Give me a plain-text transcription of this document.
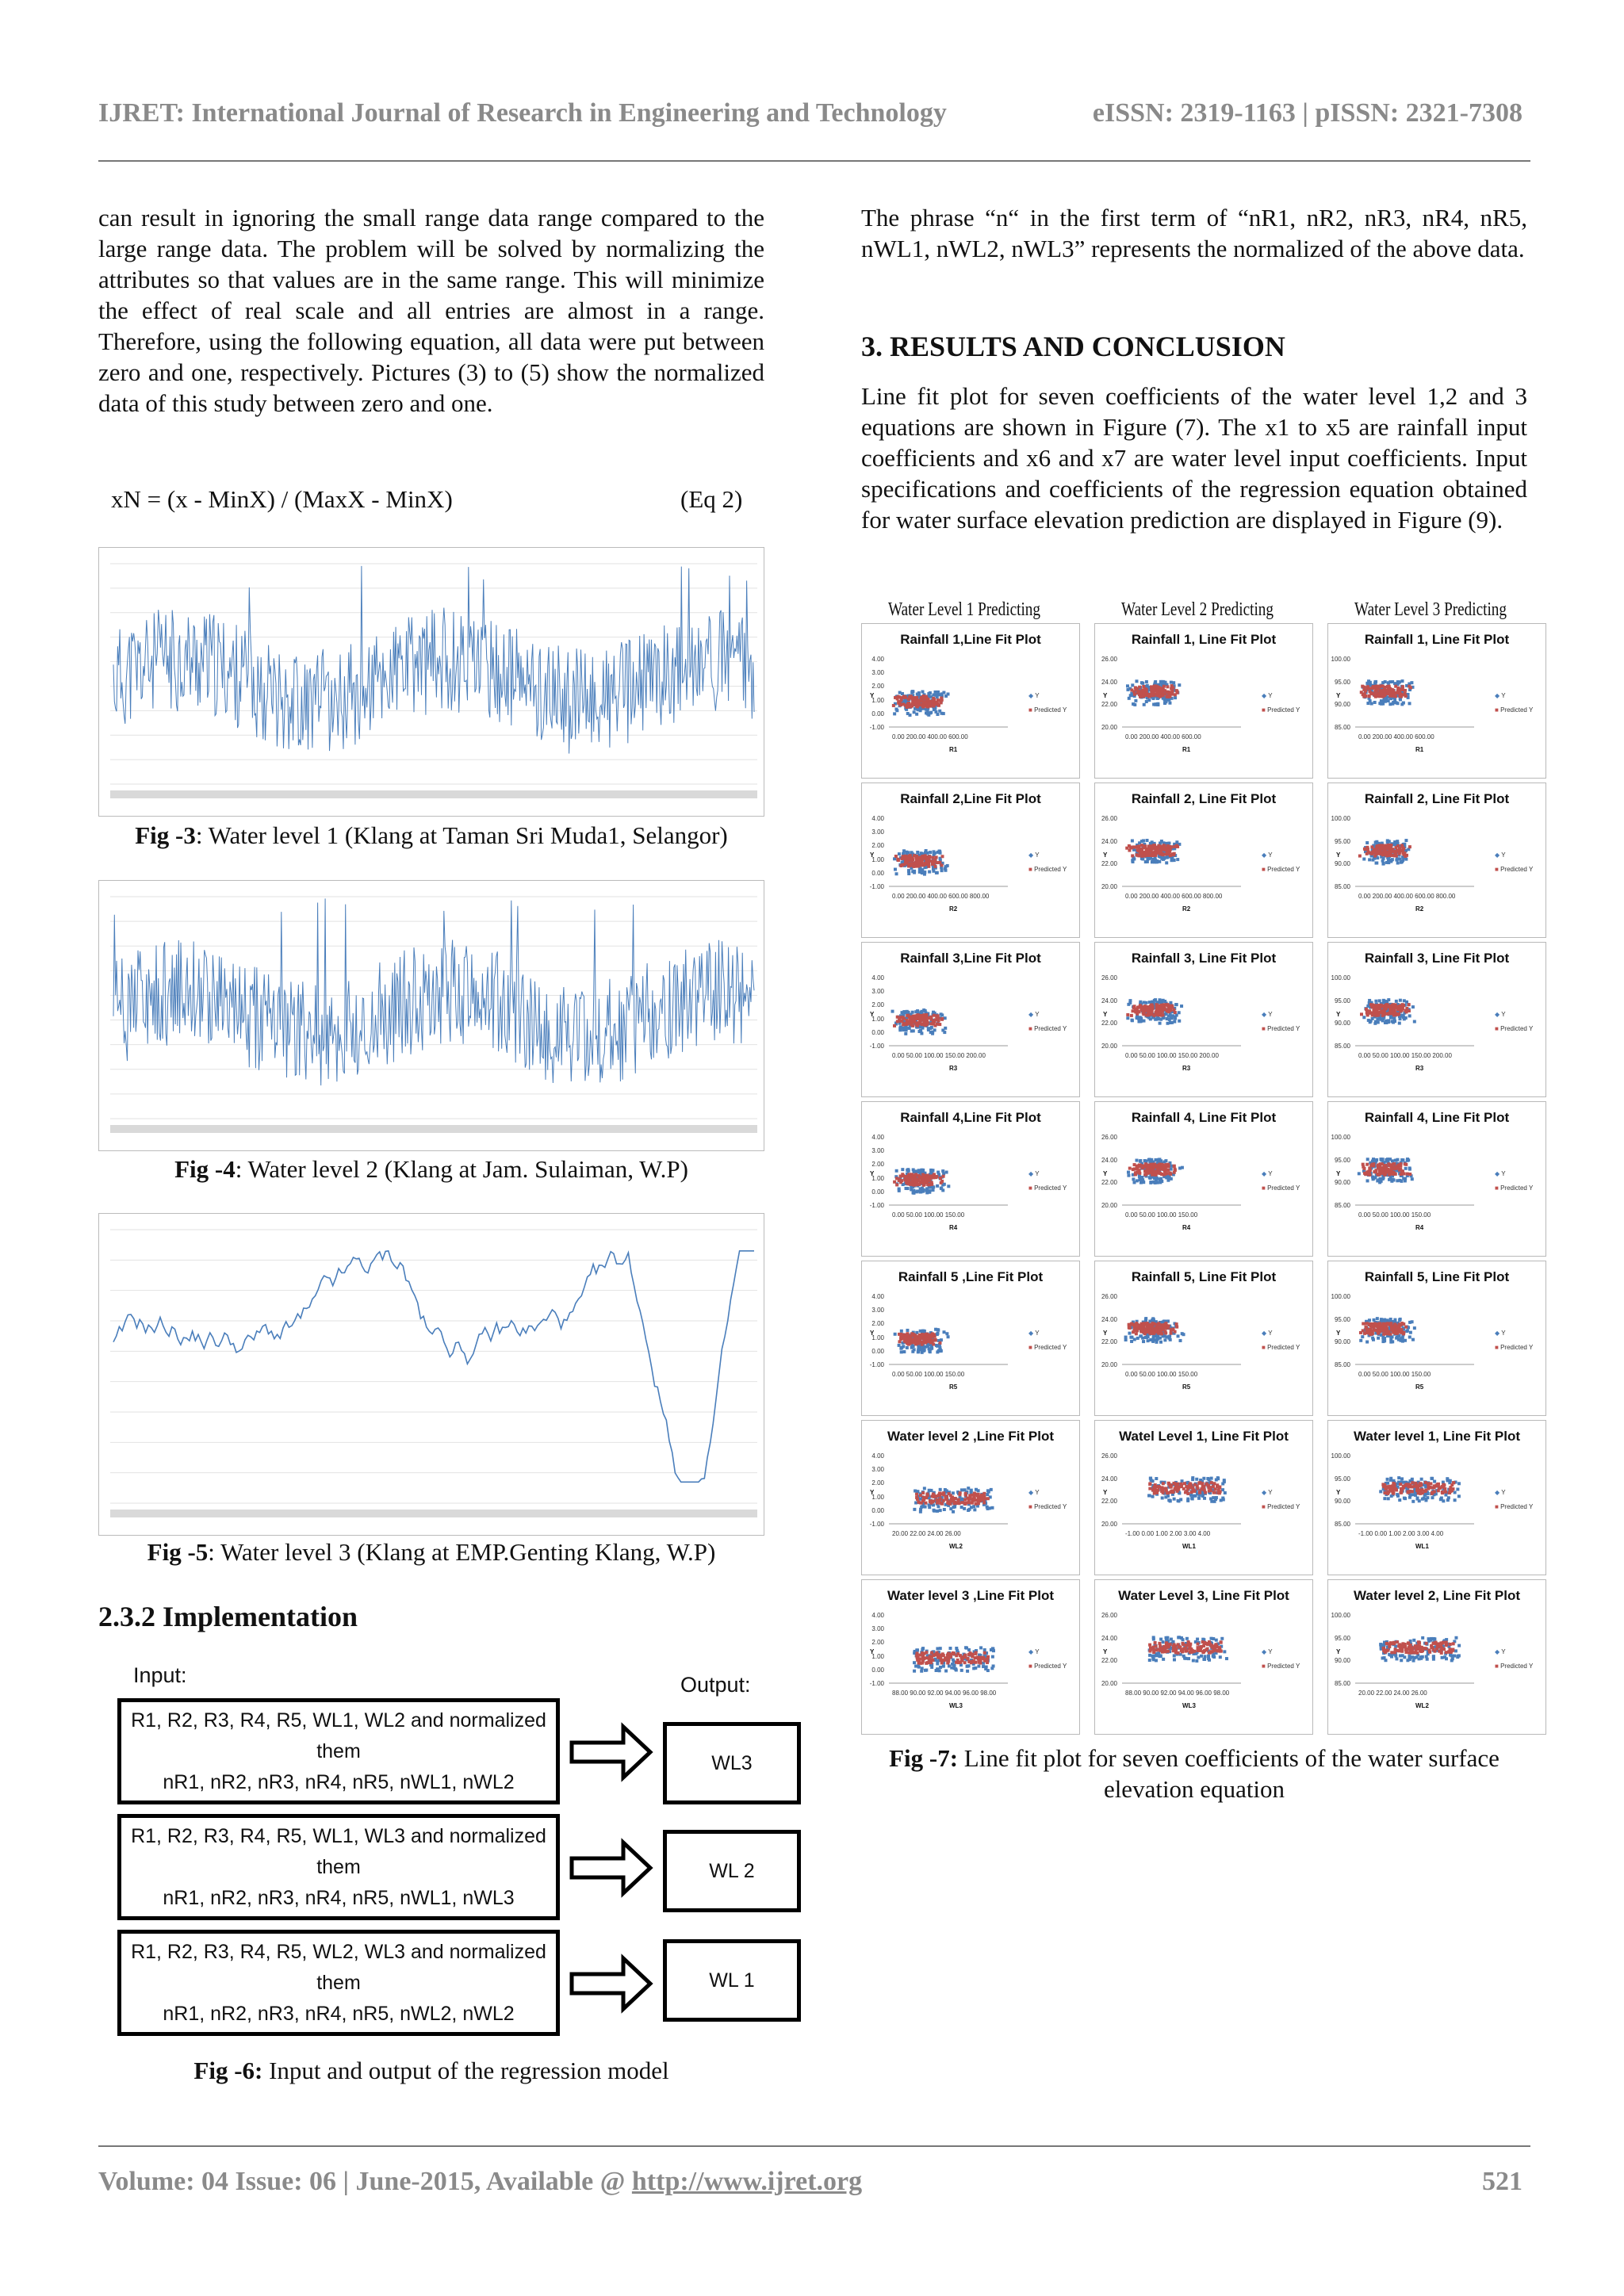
IJRET: International Journal of Research in Engineering and Technology	eISSN: 2319-1163 | pISSN: 2321-7308
can result in ignoring the small range data range compared to the large range data. The problem will be solved by normalizing the attributes so that values are in the same range. This will minimize the effect of real scale and all entries are almost in a range. Therefore, using the following equation, all data were put between zero and one, respectively. Pictures (3) to (5) show the normalized data of this study between zero and one.
xN = (x - MinX) / (MaxX - MinX)	(Eq 2)
Fig -3: Water level 1 (Klang at Taman Sri Muda1, Selangor)
Fig -4: Water level 2 (Klang at Jam. Sulaiman, W.P)
Fig -5: Water level 3 (Klang at EMP.Genting Klang, W.P)
2.3.2 Implementation
Input:	Output:
R1, R2, R3, R4, R5, WL1, WL2 and normalized them
nR1, nR2, nR3, nR4, nR5, nWL1, nWL2
R1, R2, R3, R4, R5, WL1, WL3 and normalized them
nR1, nR2, nR3, nR4, nR5, nWL1, nWL3
R1, R2, R3, R4, R5, WL2, WL3 and normalized them
nR1, nR2, nR3, nR4, nR5, nWL2, nWL2
WL3
WL 2
WL 1
Fig -6: Input and output of the regression model
The phrase “n“ in the first term of “nR1, nR2, nR3, nR4, nR5, nWL1, nWL2, nWL3” represents the normalized of the above data.
3. RESULTS AND CONCLUSION
Line fit plot for seven coefficients of the water level 1,2 and 3 equations are shown in Figure (7). The x1 to x5 are rainfall input coefficients and x6 and x7 are water level input coefficients. Input specifications and coefficients of the regression equation obtained for water surface elevation prediction are displayed in Figure (9).
Water Level 1 Predicting	Water Level 2 Predicting	Water Level 3 Predicting
Rainfall 1,Line Fit Plot
4.00
3.00
2.00
1.00
0.00
-1.00
Y
0.00 200.00 400.00 600.00
R1
◆ Y
■ Predicted Y
Rainfall 1, Line Fit Plot
26.00
24.00
22.00
20.00
Y
0.00 200.00 400.00 600.00
R1
◆ Y
■ Predicted Y
Rainfall 1, Line Fit Plot
100.00
95.00
90.00
85.00
Y
0.00 200.00 400.00 600.00
R1
◆ Y
■ Predicted Y
Rainfall 2,Line Fit Plot
4.00
3.00
2.00
1.00
0.00
-1.00
Y
0.00 200.00 400.00 600.00 800.00
R2
◆ Y
■ Predicted Y
Rainfall 2, Line Fit Plot
26.00
24.00
22.00
20.00
Y
0.00 200.00 400.00 600.00 800.00
R2
◆ Y
■ Predicted Y
Rainfall 2, Line Fit Plot
100.00
95.00
90.00
85.00
Y
0.00 200.00 400.00 600.00 800.00
R2
◆ Y
■ Predicted Y
Rainfall 3,Line Fit Plot
4.00
3.00
2.00
1.00
0.00
-1.00
Y
0.00 50.00 100.00 150.00 200.00
R3
◆ Y
■ Predicted Y
Rainfall 3, Line Fit Plot
26.00
24.00
22.00
20.00
Y
0.00 50.00 100.00 150.00 200.00
R3
◆ Y
■ Predicted Y
Rainfall 3, Line Fit Plot
100.00
95.00
90.00
85.00
Y
0.00 50.00 100.00 150.00 200.00
R3
◆ Y
■ Predicted Y
Rainfall 4,Line Fit Plot
4.00
3.00
2.00
1.00
0.00
-1.00
Y
0.00 50.00 100.00 150.00
R4
◆ Y
■ Predicted Y
Rainfall 4, Line Fit Plot
26.00
24.00
22.00
20.00
Y
0.00 50.00 100.00 150.00
R4
◆ Y
■ Predicted Y
Rainfall 4, Line Fit Plot
100.00
95.00
90.00
85.00
Y
0.00 50.00 100.00 150.00
R4
◆ Y
■ Predicted Y
Rainfall 5 ,Line Fit Plot
4.00
3.00
2.00
1.00
0.00
-1.00
Y
0.00 50.00 100.00 150.00
R5
◆ Y
■ Predicted Y
Rainfall 5, Line Fit Plot
26.00
24.00
22.00
20.00
Y
0.00 50.00 100.00 150.00
R5
◆ Y
■ Predicted Y
Rainfall 5, Line Fit Plot
100.00
95.00
90.00
85.00
Y
0.00 50.00 100.00 150.00
R5
◆ Y
■ Predicted Y
Water level 2 ,Line Fit Plot
4.00
3.00
2.00
1.00
0.00
-1.00
Y
20.00 22.00 24.00 26.00
WL2
◆ Y
■ Predicted Y
Watel Level 1, Line Fit Plot
26.00
24.00
22.00
20.00
Y
-1.00 0.00 1.00 2.00 3.00 4.00
WL1
◆ Y
■ Predicted Y
Water level 1, Line Fit Plot
100.00
95.00
90.00
85.00
Y
-1.00 0.00 1.00 2.00 3.00 4.00
WL1
◆ Y
■ Predicted Y
Water level 3 ,Line Fit Plot
4.00
3.00
2.00
1.00
0.00
-1.00
Y
88.00 90.00 92.00 94.00 96.00 98.00
WL3
◆ Y
■ Predicted Y
Water Level 3, Line Fit Plot
26.00
24.00
22.00
20.00
Y
88.00 90.00 92.00 94.00 96.00 98.00
WL3
◆ Y
■ Predicted Y
Water level 2, Line Fit Plot
100.00
95.00
90.00
85.00
Y
20.00 22.00 24.00 26.00
WL2
◆ Y
■ Predicted Y
Fig -7: Line fit plot for seven coefficients of the water surface elevation equation
Volume: 04 Issue: 06 | June-2015, Available @ http://www.ijret.org	521
